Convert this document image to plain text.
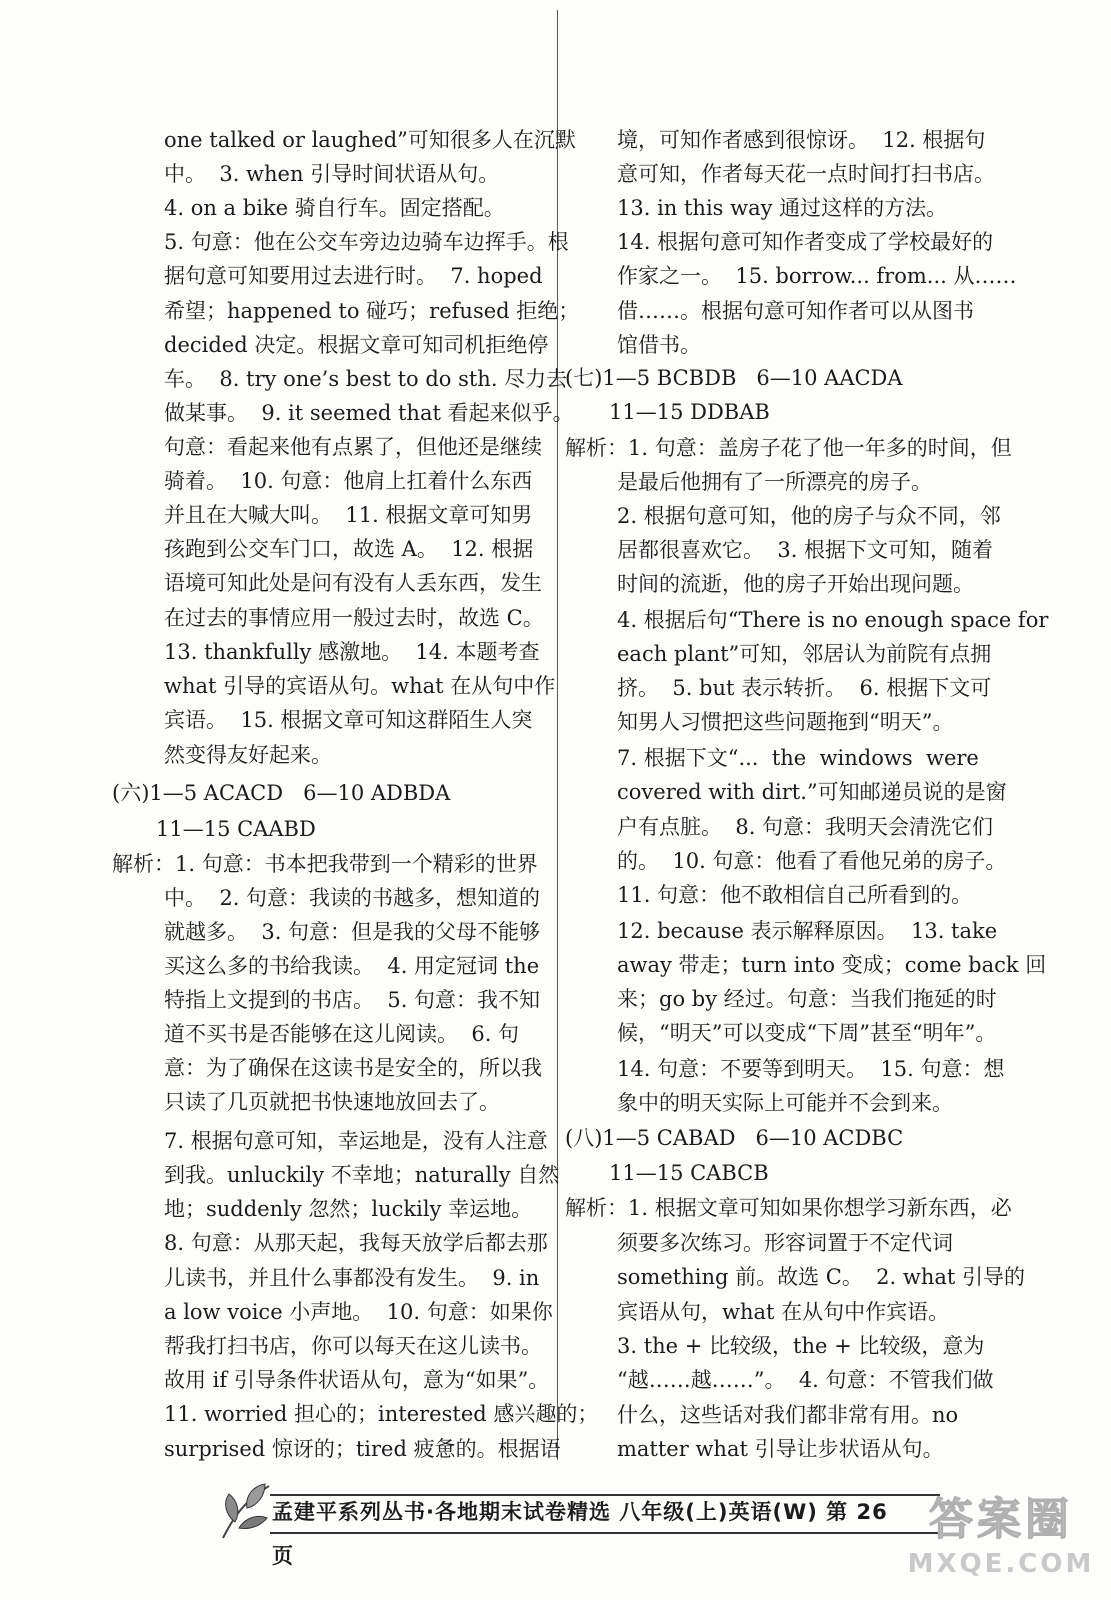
one talked or laughed”可知很多人在沉默
中。  3. when 引导时间状语从句。
4. on a bike 骑自行车。固定搭配。
5. 句意：他在公交车旁边边骑车边挥手。根
据句意可知要用过去进行时。  7. hoped
希望；happened to 碰巧；refused 拒绝；
decided 决定。根据文章可知司机拒绝停
车。  8. try one’s best to do sth. 尽力去
做某事。  9. it seemed that 看起来似乎。
句意：看起来他有点累了，但他还是继续
骑着。  10. 句意：他肩上扛着什么东西
并且在大喊大叫。  11. 根据文章可知男
孩跑到公交车门口，故选 A。  12. 根据
语境可知此处是问有没有人丢东西，发生
在过去的事情应用一般过去时，故选 C。
13. thankfully 感激地。  14. 本题考查
what 引导的宾语从句。what 在从句中作
宾语。  15. 根据文章可知这群陌生人突
然变得友好起来。
(六)1—5 ACACD   6—10 ADBDA
11—15 CAABD
解析：1. 句意：书本把我带到一个精彩的世界
中。  2. 句意：我读的书越多，想知道的
就越多。  3. 句意：但是我的父母不能够
买这么多的书给我读。  4. 用定冠词 the
特指上文提到的书店。  5. 句意：我不知
道不买书是否能够在这儿阅读。  6. 句
意：为了确保在这读书是安全的，所以我
只读了几页就把书快速地放回去了。
7. 根据句意可知，幸运地是，没有人注意
到我。unluckily 不幸地；naturally 自然
地；suddenly 忽然；luckily 幸运地。
8. 句意：从那天起，我每天放学后都去那
儿读书，并且什么事都没有发生。  9. in
a low voice 小声地。  10. 句意：如果你
帮我打扫书店，你可以每天在这儿读书。
故用 if 引导条件状语从句，意为“如果”。
11. worried 担心的；interested 感兴趣的；
surprised 惊讶的；tired 疲惫的。根据语
境，可知作者感到很惊讶。  12. 根据句
意可知，作者每天花一点时间打扫书店。
13. in this way 通过这样的方法。
14. 根据句意可知作者变成了学校最好的
作家之一。  15. borrow... from... 从……
借……。根据句意可知作者可以从图书
馆借书。
(七)1—5 BCBDB   6—10 AACDA
11—15 DDBAB
解析：1. 句意：盖房子花了他一年多的时间，但
是最后他拥有了一所漂亮的房子。
2. 根据句意可知，他的房子与众不同，邻
居都很喜欢它。  3. 根据下文可知，随着
时间的流逝，他的房子开始出现问题。
4. 根据后句“There is no enough space for
each plant”可知，邻居认为前院有点拥
挤。  5. but 表示转折。  6. 根据下文可
知男人习惯把这些问题拖到“明天”。
7. 根据下文“...  the  windows  were
covered with dirt.”可知邮递员说的是窗
户有点脏。  8. 句意：我明天会清洗它们
的。  10. 句意：他看了看他兄弟的房子。
11. 句意：他不敢相信自己所看到的。
12. because 表示解释原因。  13. take
away 带走；turn into 变成；come back 回
来；go by 经过。句意：当我们拖延的时
候，“明天”可以变成“下周”甚至“明年”。
14. 句意：不要等到明天。  15. 句意：想
象中的明天实际上可能并不会到来。
(八)1—5 CABAD   6—10 ACDBC
11—15 CABCB
解析：1. 根据文章可知如果你想学习新东西，必
须要多次练习。形容词置于不定代词
something 前。故选 C。  2. what 引导的
宾语从句，what 在从句中作宾语。
3. the + 比较级，the + 比较级，意为
“越……越……”。  4. 句意：不管我们做
什么，这些话对我们都非常有用。no
matter what 引导让步状语从句。
孟建平系列丛书·各地期末试卷精选 八年级(上)英语(W) 第 26 页
答案圈
MXQE.COM
